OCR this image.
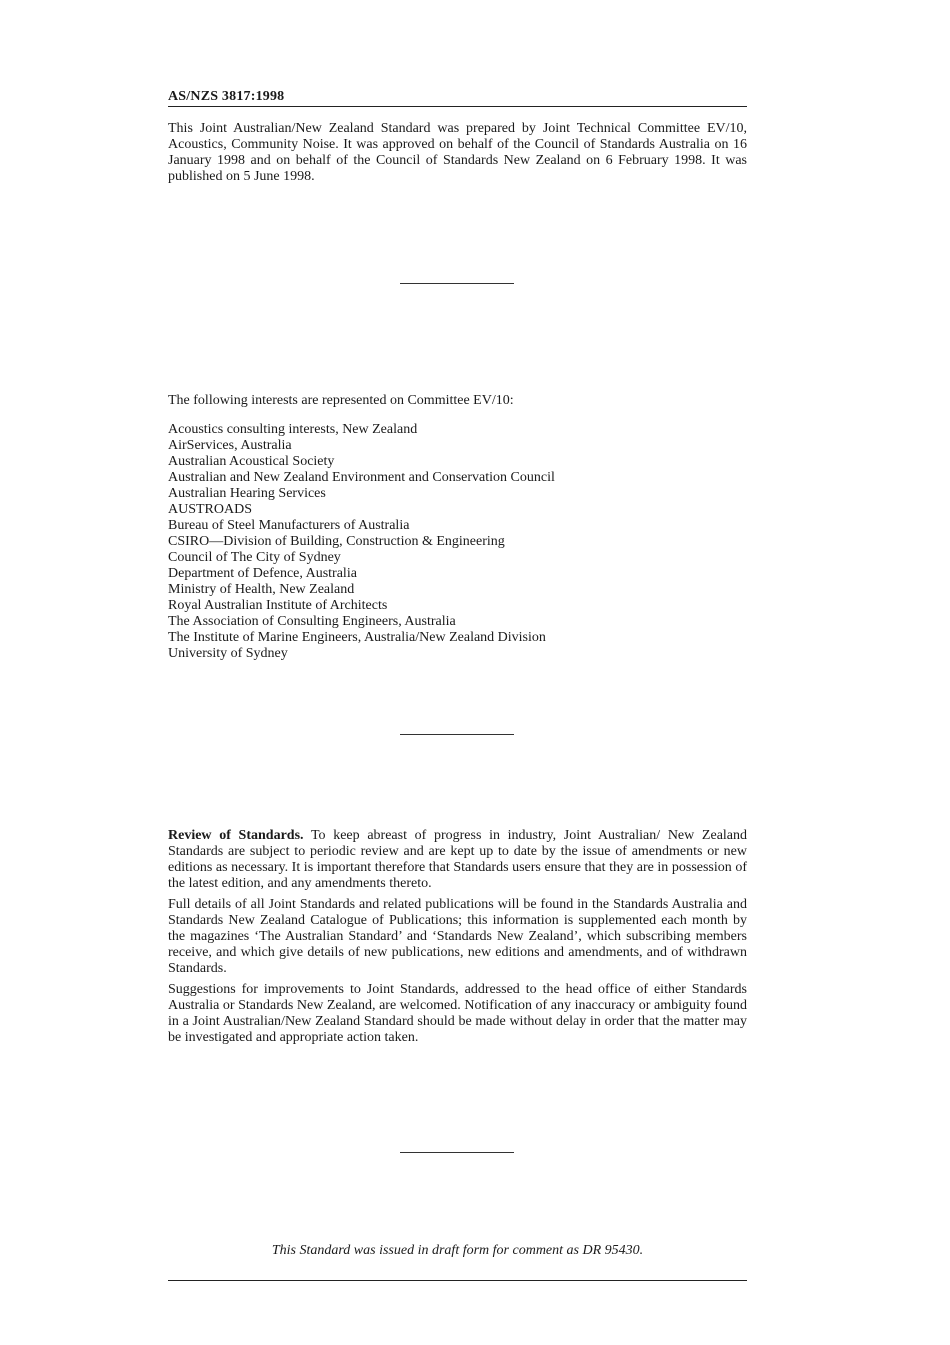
AS/NZS 3817:1998

This Joint Australian/New Zealand Standard was prepared by Joint Technical Committee EV/10, Acoustics, Community Noise. It was approved on behalf of the Council of Standards Australia on 16 January 1998 and on behalf of the Council of Standards New Zealand on 6 February 1998. It was published on 5 June 1998.

The following interests are represented on Committee EV/10:
Acoustics consulting interests, New Zealand
AirServices, Australia
Australian Acoustical Society
Australian and New Zealand Environment and Conservation Council
Australian Hearing Services
AUSTROADS
Bureau of Steel Manufacturers of Australia
CSIRO—Division of Building, Construction & Engineering
Council of The City of Sydney
Department of Defence, Australia
Ministry of Health, New Zealand
Royal Australian Institute of Architects
The Association of Consulting Engineers, Australia
The Institute of Marine Engineers, Australia/New Zealand Division
University of Sydney

Review of Standards. To keep abreast of progress in industry, Joint Australian/ New Zealand Standards are subject to periodic review and are kept up to date by the issue of amendments or new editions as necessary. It is important therefore that Standards users ensure that they are in possession of the latest edition, and any amendments thereto.

Full details of all Joint Standards and related publications will be found in the Standards Australia and Standards New Zealand Catalogue of Publications; this information is supplemented each month by the magazines ‘The Australian Standard’ and ‘Standards New Zealand’, which subscribing members receive, and which give details of new publications, new editions and amendments, and of withdrawn Standards.

Suggestions for improvements to Joint Standards, addressed to the head office of either Standards Australia or Standards New Zealand, are welcomed. Notification of any inaccuracy or ambiguity found in a Joint Australian/New Zealand Standard should be made without delay in order that the matter may be investigated and appropriate action taken.

This Standard was issued in draft form for comment as DR 95430.
